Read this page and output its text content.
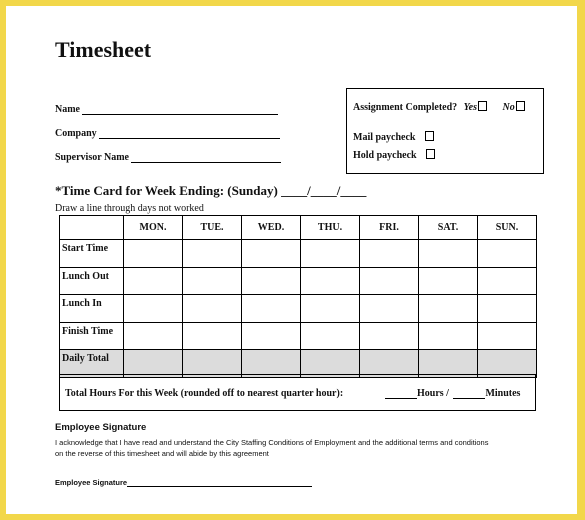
Timesheet
Name
Company
Supervisor Name
Assignment Completed? Yes	No
Mail paycheck
Hold paycheck
*Time Card for Week Ending: (Sunday) ____/____/____
Draw a line through days not worked
	MON.	TUE.	WED.	THU.	FRI.	SAT.	SUN.
Start Time							
Lunch Out							
Lunch In							
Finish Time							
Daily Total							
Total Hours For this Week (rounded off to nearest quarter hour):	Hours /	Minutes
Employee Signature
I acknowledge that I have read and understand the City Staffing Conditions of Employment and the additional terms and conditions
on the reverse of this timesheet and will abide by this agreement
Employee Signature
